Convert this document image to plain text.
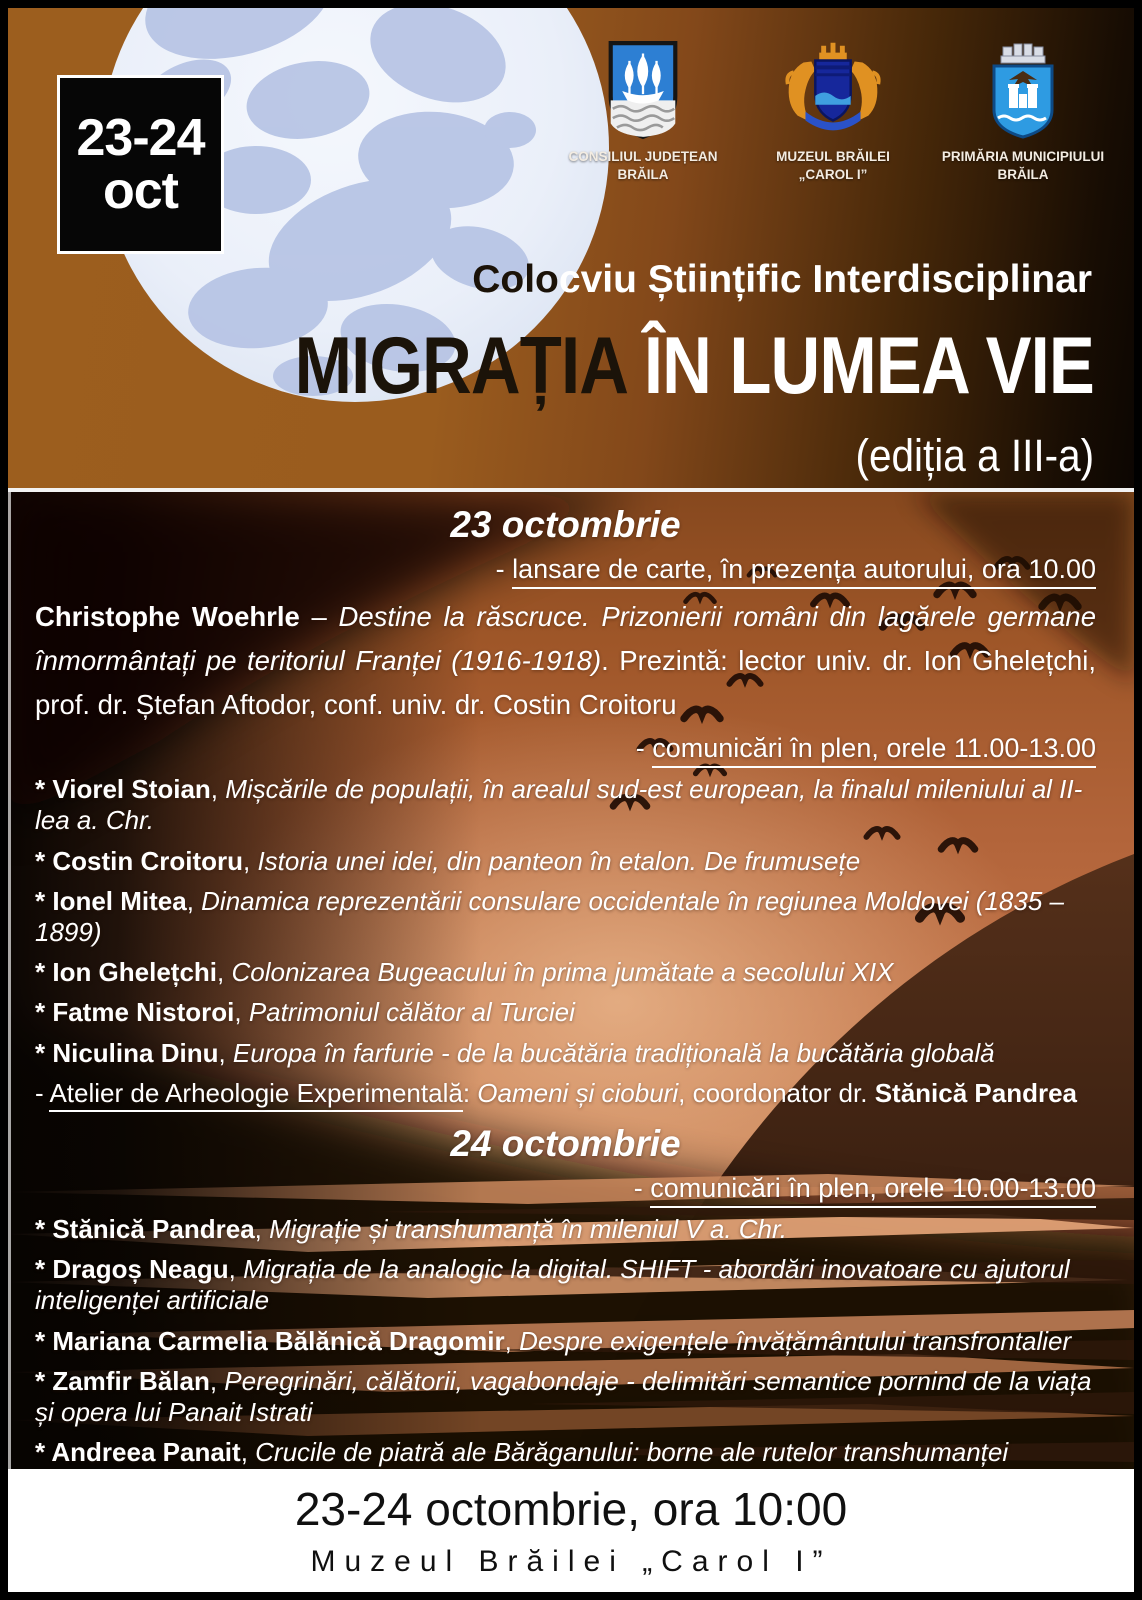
23-24
oct
CONSILIUL JUDEȚEAN
BRĂILA
MUZEUL BRĂILEI
„CAROL I”
PRIMĂRIA MUNICIPIULUI
BRĂILA
Colocviu Științific Interdisciplinar
MIGRAȚIA ÎN LUMEA VIE
(ediția a III-a)
23 octombrie
- lansare de carte, în prezența autorului, ora 10.00

Christophe Woehrle – Destine la răscruce. Prizonierii români din lagărele germane înmormântați pe teritoriul Franței (1916-1918). Prezintă: lector univ. dr. Ion Ghelețchi, prof. dr. Ștefan Aftodor, conf. univ. dr. Costin Croitoru

- comunicări în plen, orele 11.00-13.00
* Viorel Stoian, Mișcările de populații, în arealul sud-est european, la finalul mileniului al II-lea a. Chr.
* Costin Croitoru, Istoria unei idei, din panteon în etalon. De frumusețe
* Ionel Mitea, Dinamica reprezentării consulare occidentale în regiunea Moldovei (1835 – 1899)
* Ion Ghelețchi, Colonizarea Bugeacului în prima jumătate a secolului XIX
* Fatme Nistoroi, Patrimoniul călător al Turciei
* Niculina Dinu, Europa în farfurie - de la bucătăria tradițională la bucătăria globală
- Atelier de Arheologie Experimentală: Oameni și cioburi, coordonator dr. Stănică Pandrea
24 octombrie
- comunicări în plen, orele 10.00-13.00
* Stănică Pandrea, Migrație și transhumanță în mileniul V a. Chr.
* Dragoș Neagu, Migrația de la analogic la digital. SHIFT - abordări inovatoare cu ajutorul inteligenței artificiale
* Mariana Carmelia Bălănică Dragomir, Despre exigențele învățământului transfrontalier
* Zamfir Bălan, Peregrinări, călătorii, vagabondaje - delimitări semantice pornind de la viața și opera lui Panait Istrati
* Andreea Panait, Crucile de piatră ale Bărăganului: borne ale rutelor transhumanței
23-24 octombrie, ora 10:00
Muzeul Brăilei „Carol I”
